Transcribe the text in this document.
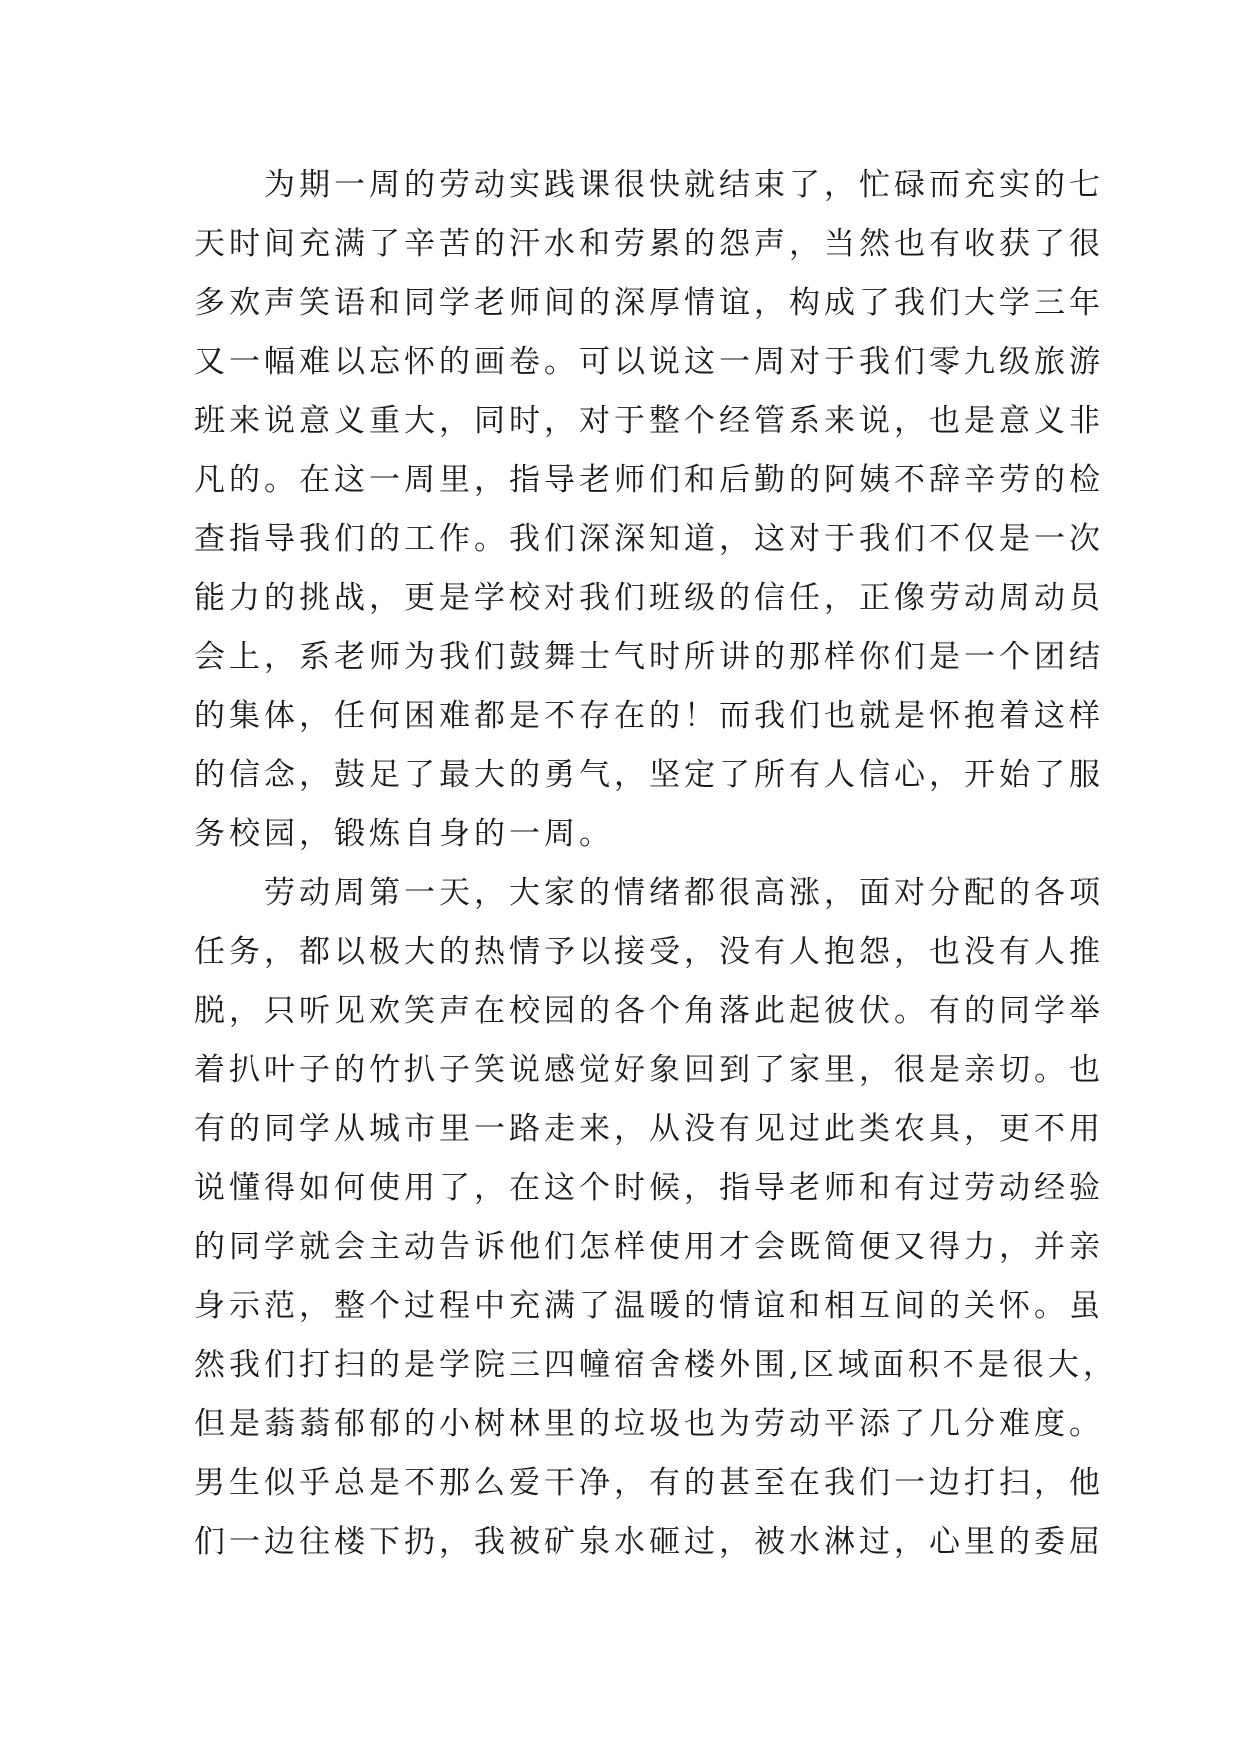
　　为期一周的劳动实践课很快就结束了，忙碌而充实的七
天时间充满了辛苦的汗水和劳累的怨声，当然也有收获了很
多欢声笑语和同学老师间的深厚情谊，构成了我们大学三年
又一幅难以忘怀的画卷。可以说这一周对于我们零九级旅游
班来说意义重大，同时，对于整个经管系来说，也是意义非
凡的。在这一周里，指导老师们和后勤的阿姨不辞辛劳的检
查指导我们的工作。我们深深知道，这对于我们不仅是一次
能力的挑战，更是学校对我们班级的信任，正像劳动周动员
会上，系老师为我们鼓舞士气时所讲的那样你们是一个团结
的集体，任何困难都是不存在的！而我们也就是怀抱着这样
的信念，鼓足了最大的勇气，坚定了所有人信心，开始了服
务校园，锻炼自身的一周。
　　劳动周第一天，大家的情绪都很高涨，面对分配的各项
任务，都以极大的热情予以接受，没有人抱怨，也没有人推
脱，只听见欢笑声在校园的各个角落此起彼伏。有的同学举
着扒叶子的竹扒子笑说感觉好象回到了家里，很是亲切。也
有的同学从城市里一路走来，从没有见过此类农具，更不用
说懂得如何使用了，在这个时候，指导老师和有过劳动经验
的同学就会主动告诉他们怎样使用才会既简便又得力，并亲
身示范，整个过程中充满了温暖的情谊和相互间的关怀。虽
然我们打扫的是学院三四幢宿舍楼外围,区域面积不是很大，
但是蓊蓊郁郁的小树林里的垃圾也为劳动平添了几分难度。
男生似乎总是不那么爱干净，有的甚至在我们一边打扫，他
们一边往楼下扔，我被矿泉水砸过，被水淋过，心里的委屈
